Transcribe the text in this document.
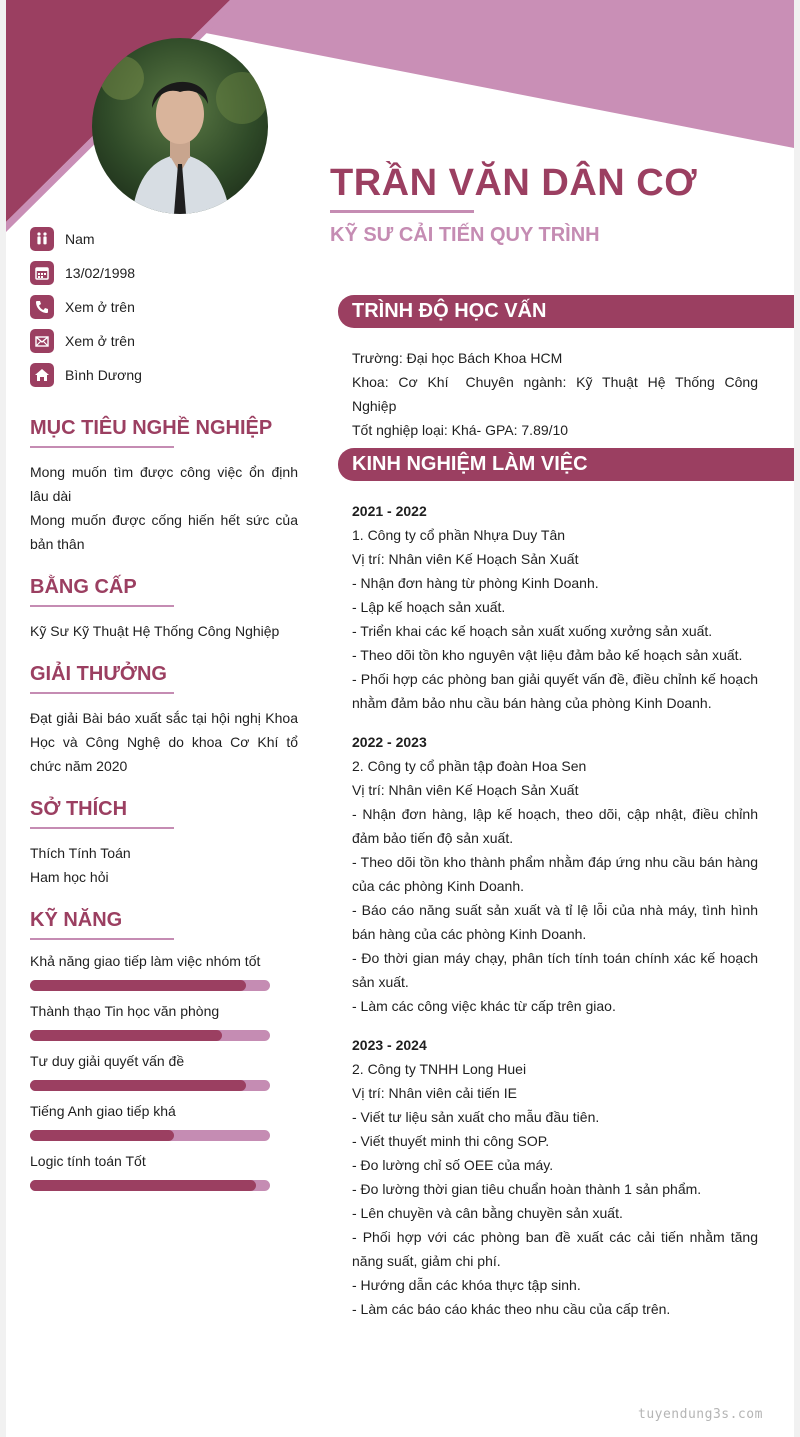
TRẦN VĂN DÂN CƠ
KỸ SƯ CẢI TIẾN QUY TRÌNH
Nam
13/02/1998
Xem ở trên
Xem ở trên
Bình Dương
MỤC TIÊU NGHỀ NGHIỆP
Mong muốn tìm được công việc ổn định lâu dài
Mong muốn được cống hiến hết sức của bản thân
BẰNG CẤP
Kỹ Sư Kỹ Thuật Hệ Thống Công Nghiệp
GIẢI THƯỞNG
Đạt giải Bài báo xuất sắc tại hội nghị Khoa Học và Công Nghệ do khoa Cơ Khí tổ chức năm 2020
SỞ THÍCH
Thích Tính Toán
Ham học hỏi
KỸ NĂNG
Khả năng giao tiếp làm việc nhóm tốt
Thành thạo Tin học văn phòng
Tư duy giải quyết vấn đề
Tiếng Anh giao tiếp khá
Logic tính toán Tốt
TRÌNH ĐỘ HỌC VẤN
Trường: Đại học Bách Khoa HCM
Khoa: Cơ Khí Chuyên ngành: Kỹ Thuật Hệ Thống Công Nghiệp
Tốt nghiệp loại: Khá- GPA: 7.89/10
KINH NGHIỆM LÀM VIỆC
2021 - 2022
1. Công ty cổ phần Nhựa Duy Tân
Vị trí: Nhân viên Kế Hoạch Sản Xuất
- Nhận đơn hàng từ phòng Kinh Doanh.
- Lập kế hoạch sản xuất.
- Triển khai các kế hoạch sản xuất xuống xưởng sản xuất.
- Theo dõi tồn kho nguyên vật liệu đảm bảo kế hoạch sản xuất.
- Phối hợp các phòng ban giải quyết vấn đề, điều chỉnh kế hoạch nhằm đảm bảo nhu cầu bán hàng của phòng Kinh Doanh.
2022 - 2023
2. Công ty cổ phần tập đoàn Hoa Sen
Vị trí: Nhân viên Kế Hoạch Sản Xuất
- Nhận đơn hàng, lập kế hoạch, theo dõi, cập nhật, điều chỉnh đảm bảo tiến độ sản xuất.
- Theo dõi tồn kho thành phẩm nhằm đáp ứng nhu cầu bán hàng của các phòng Kinh Doanh.
- Báo cáo năng suất sản xuất và tỉ lệ lỗi của nhà máy, tình hình bán hàng của các phòng Kinh Doanh.
- Đo thời gian máy chạy, phân tích tính toán chính xác kế hoạch sản xuất.
- Làm các công việc khác từ cấp trên giao.
2023 - 2024
2. Công ty TNHH Long Huei
Vị trí: Nhân viên cải tiến IE
- Viết tư liệu sản xuất cho mẫu đầu tiên.
- Viết thuyết minh thi công SOP.
- Đo lường chỉ số OEE của máy.
- Đo lường thời gian tiêu chuẩn hoàn thành 1 sản phẩm.
- Lên chuyền và cân bằng chuyền sản xuất.
- Phối hợp với các phòng ban đề xuất các cải tiến nhằm tăng năng suất, giảm chi phí.
- Hướng dẫn các khóa thực tập sinh.
- Làm các báo cáo khác theo nhu cầu của cấp trên.
tuyendung3s.com
